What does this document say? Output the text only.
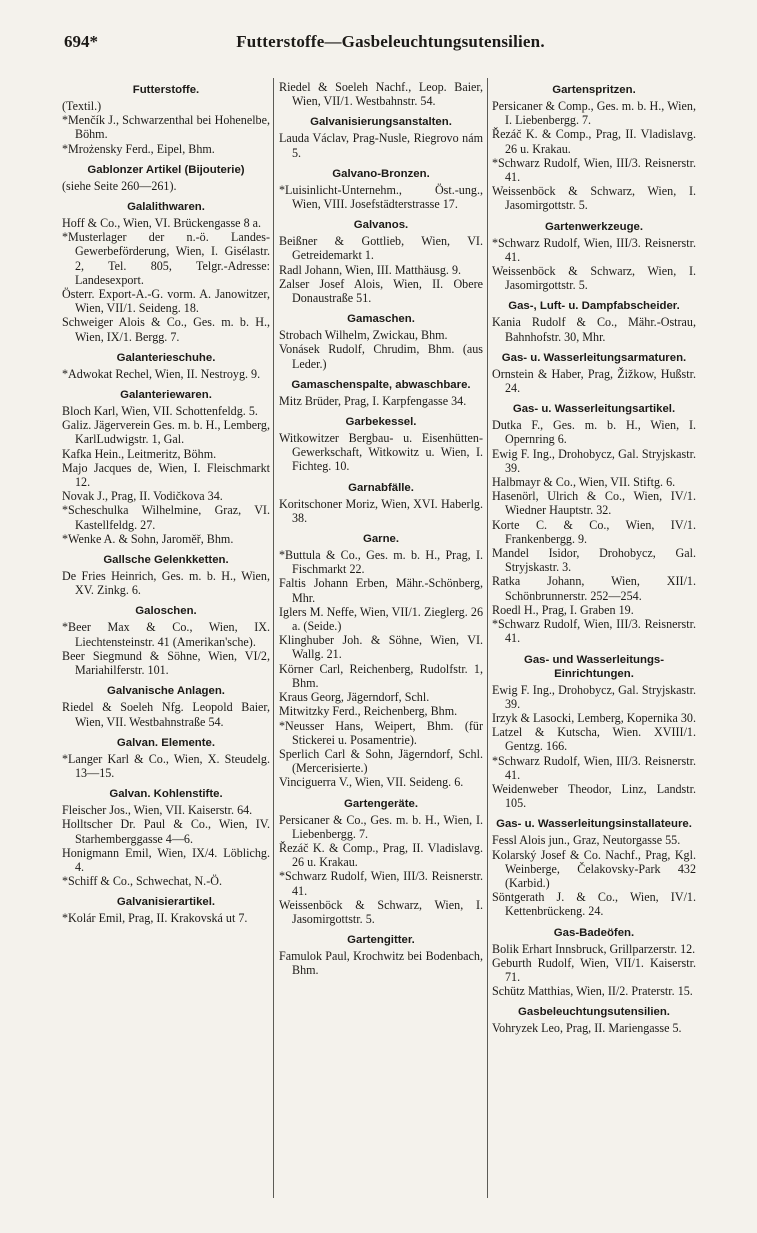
694*	Futterstoffe—Gasbeleuchtungsutensilien.
Futterstoffe.
(Textil.)
*Menčík J., Schwarzenthal bei Hohenelbe, Böhm.
*Mrożensky Ferd., Eipel, Bhm.
Gablonzer Artikel (Bijouterie)
(siehe Seite 260—261).
Galalithwaren.
Hoff & Co., Wien, VI. Brückengasse 8 a.
*Musterlager der n.-ö. Landes-Gewerbeförderung, Wien, I. Gisélastr. 2, Tel. 805, Telgr.-Adresse: Landesexport.
Österr. Export-A.-G. vorm. A. Janowitzer, Wien, VII/1. Seideng. 18.
Schweiger Alois & Co., Ges. m. b. H., Wien, IX/1. Bergg. 7.
Galanterieschuhe.
*Adwokat Rechel, Wien, II. Nestroyg. 9.
Galanteriewaren.
Bloch Karl, Wien, VII. Schottenfeldg. 5.
Galiz. Jägerverein Ges. m. b. H., Lemberg, KarlLudwigstr. 1, Gal.
Kafka Hein., Leitmeritz, Böhm.
Majo Jacques de, Wien, I. Fleischmarkt 12.
Novak J., Prag, II. Vodičkova 34.
*Scheschulka Wilhelmine, Graz, VI. Kastellfeldg. 27.
*Wenke A. & Sohn, Jaroměř, Bhm.
Gallsche Gelenkketten.
De Fries Heinrich, Ges. m. b. H., Wien, XV. Zinkg. 6.
Galoschen.
*Beer Max & Co., Wien, IX. Liechtensteinstr. 41 (Amerikan'sche).
Beer Siegmund & Söhne, Wien, VI/2, Mariahilferstr. 101.
Galvanische Anlagen.
Riedel & Soeleh Nfg. Leopold Baier, Wien, VII. Westbahnstraße 54.
Galvan. Elemente.
*Langer Karl & Co., Wien, X. Steudelg. 13—15.
Galvan. Kohlenstifte.
Fleischer Jos., Wien, VII. Kaiserstr. 64.
Holltscher Dr. Paul & Co., Wien, IV. Starhemberggasse 4—6.
Honigmann Emil, Wien, IX/4. Löblichg. 4.
*Schiff & Co., Schwechat, N.-Ö.
Galvanisierartikel.
*Kolár Emil, Prag, II. Krakovská ut 7.
Riedel & Soeleh Nachf., Leop. Baier, Wien, VII/1. Westbahnstr. 54.
Galvanisierungsanstalten.
Lauda Václav, Prag-Nusle, Riegrovo nám 5.
Galvano-Bronzen.
*Luisinlicht-Unternehm., Öst.-ung., Wien, VIII. Josefstädterstrasse 17.
Galvanos.
Beißner & Gottlieb, Wien, VI. Getreidemarkt 1.
Radl Johann, Wien, III. Matthäusg. 9.
Zalser Josef Alois, Wien, II. Obere Donaustraße 51.
Gamaschen.
Strobach Wilhelm, Zwickau, Bhm.
Vonásek Rudolf, Chrudim, Bhm. (aus Leder.)
Gamaschenspalte, abwaschbare.
Mitz Brüder, Prag, I. Karpfengasse 34.
Garbekessel.
Witkowitzer Bergbau- u. Eisenhütten-Gewerkschaft, Witkowitz u. Wien, I. Fichteg. 10.
Garnabfälle.
Koritschoner Moriz, Wien, XVI. Haberlg. 38.
Garne.
*Buttula & Co., Ges. m. b. H., Prag, I. Fischmarkt 22.
Faltis Johann Erben, Mähr.-Schönberg, Mhr.
Iglers M. Neffe, Wien, VII/1. Zieglerg. 26 a. (Seide.)
Klinghuber Joh. & Söhne, Wien, VI. Wallg. 21.
Körner Carl, Reichenberg, Rudolfstr. 1, Bhm.
Kraus Georg, Jägerndorf, Schl.
Mitwitzky Ferd., Reichenberg, Bhm.
*Neusser Hans, Weipert, Bhm. (für Stickerei u. Posamentrie).
Sperlich Carl & Sohn, Jägerndorf, Schl. (Mercerisierte.)
Vinciguerra V., Wien, VII. Seideng. 6.
Gartengeräte.
Persicaner & Co., Ges. m. b. H., Wien, I. Liebenbergg. 7.
Řezáč K. & Comp., Prag, II. Vladislavg. 26 u. Krakau.
*Schwarz Rudolf, Wien, III/3. Reisnerstr. 41.
Weissenböck & Schwarz, Wien, I. Jasomirgottstr. 5.
Gartengitter.
Famulok Paul, Krochwitz bei Bodenbach, Bhm.
Gartenspritzen.
Persicaner & Comp., Ges. m. b. H., Wien, I. Liebenbergg. 7.
Řezáč K. & Comp., Prag, II. Vladislavg. 26 u. Krakau.
*Schwarz Rudolf, Wien, III/3. Reisnerstr. 41.
Weissenböck & Schwarz, Wien, I. Jasomirgottstr. 5.
Gartenwerkzeuge.
*Schwarz Rudolf, Wien, III/3. Reisnerstr. 41.
Weissenböck & Schwarz, Wien, I. Jasomirgottstr. 5.
Gas-, Luft- u. Dampfabscheider.
Kania Rudolf & Co., Mähr.-Ostrau, Bahnhofstr. 30, Mhr.
Gas- u. Wasserleitungsarmaturen.
Ornstein & Haber, Prag, Žižkow, Hußstr. 24.
Gas- u. Wasserleitungsartikel.
Dutka F., Ges. m. b. H., Wien, I. Opernring 6.
Ewig F. Ing., Drohobycz, Gal. Stryjskastr. 39.
Halbmayr & Co., Wien, VII. Stiftg. 6.
Hasenörl, Ulrich & Co., Wien, IV/1. Wiedner Hauptstr. 32.
Korte C. & Co., Wien, IV/1. Frankenbergg. 9.
Mandel Isidor, Drohobycz, Gal. Stryjskastr. 3.
Ratka Johann, Wien, XII/1. Schönbrunnerstr. 252—254.
Roedl H., Prag, I. Graben 19.
*Schwarz Rudolf, Wien, III/3. Reisnerstr. 41.
Gas- und Wasserleitungs-Einrichtungen.
Ewig F. Ing., Drohobycz, Gal. Stryjskastr. 39.
Irzyk & Lasocki, Lemberg, Kopernika 30.
Latzel & Kutscha, Wien. XVIII/1. Gentzg. 166.
*Schwarz Rudolf, Wien, III/3. Reisnerstr. 41.
Weidenweber Theodor, Linz, Landstr. 105.
Gas- u. Wasserleitungsinstallateure.
Fessl Alois jun., Graz, Neutorgasse 55.
Kolarský Josef & Co. Nachf., Prag, Kgl. Weinberge, Čelakovsky-Park 432 (Karbid.)
Söntgerath J. & Co., Wien, IV/1. Kettenbrückeng. 24.
Gas-Badeöfen.
Bolik Erhart Innsbruck, Grillparzerstr. 12.
Geburth Rudolf, Wien, VII/1. Kaiserstr. 71.
Schütz Matthias, Wien, II/2. Praterstr. 15.
Gasbeleuchtungsutensilien.
Vohryzek Leo, Prag, II. Mariengasse 5.
